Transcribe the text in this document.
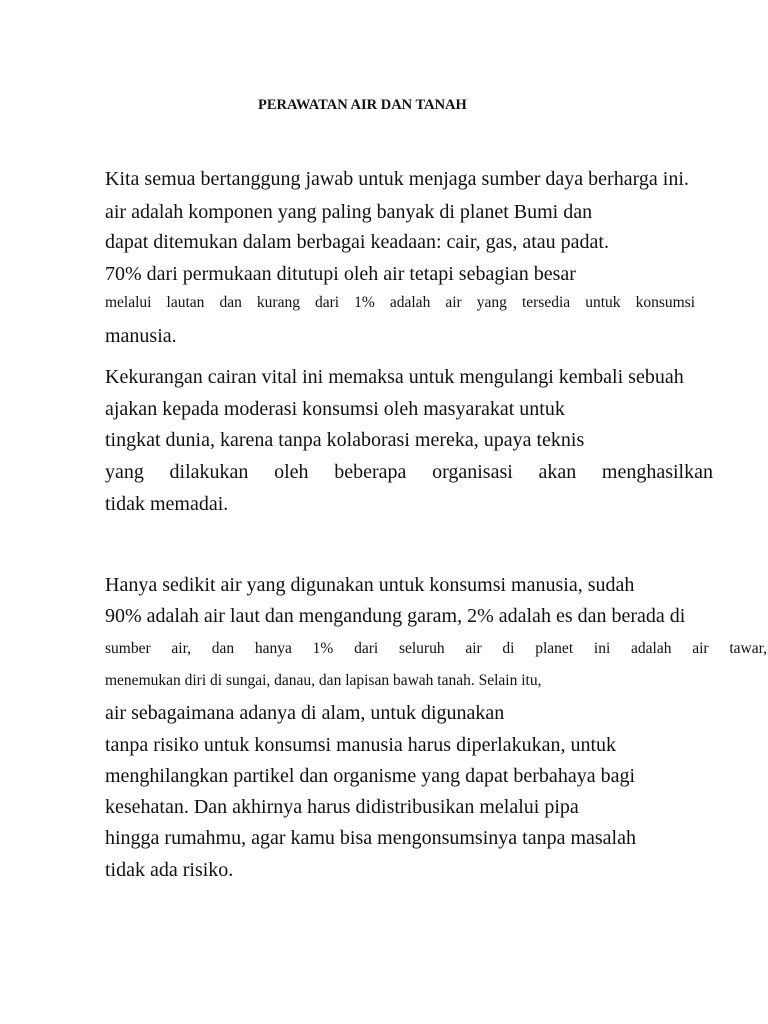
PERAWATAN AIR DAN TANAH
Kita semua bertanggung jawab untuk menjaga sumber daya berharga ini.
air adalah komponen yang paling banyak di planet Bumi dan
dapat ditemukan dalam berbagai keadaan: cair, gas, atau padat.
70% dari permukaan ditutupi oleh air tetapi sebagian besar
melalui lautan dan kurang dari 1% adalah air yang tersedia untuk konsumsi
manusia.
Kekurangan cairan vital ini memaksa untuk mengulangi kembali sebuah
ajakan kepada moderasi konsumsi oleh masyarakat untuk
tingkat dunia, karena tanpa kolaborasi mereka, upaya teknis
yang dilakukan oleh beberapa organisasi akan menghasilkan
tidak memadai.
Hanya sedikit air yang digunakan untuk konsumsi manusia, sudah
90% adalah air laut dan mengandung garam, 2% adalah es dan berada di
sumber air, dan hanya 1% dari seluruh air di planet ini adalah air tawar,
menemukan diri di sungai, danau, dan lapisan bawah tanah. Selain itu,
air sebagaimana adanya di alam, untuk digunakan
tanpa risiko untuk konsumsi manusia harus diperlakukan, untuk
menghilangkan partikel dan organisme yang dapat berbahaya bagi
kesehatan. Dan akhirnya harus didistribusikan melalui pipa
hingga rumahmu, agar kamu bisa mengonsumsinya tanpa masalah
tidak ada risiko.
